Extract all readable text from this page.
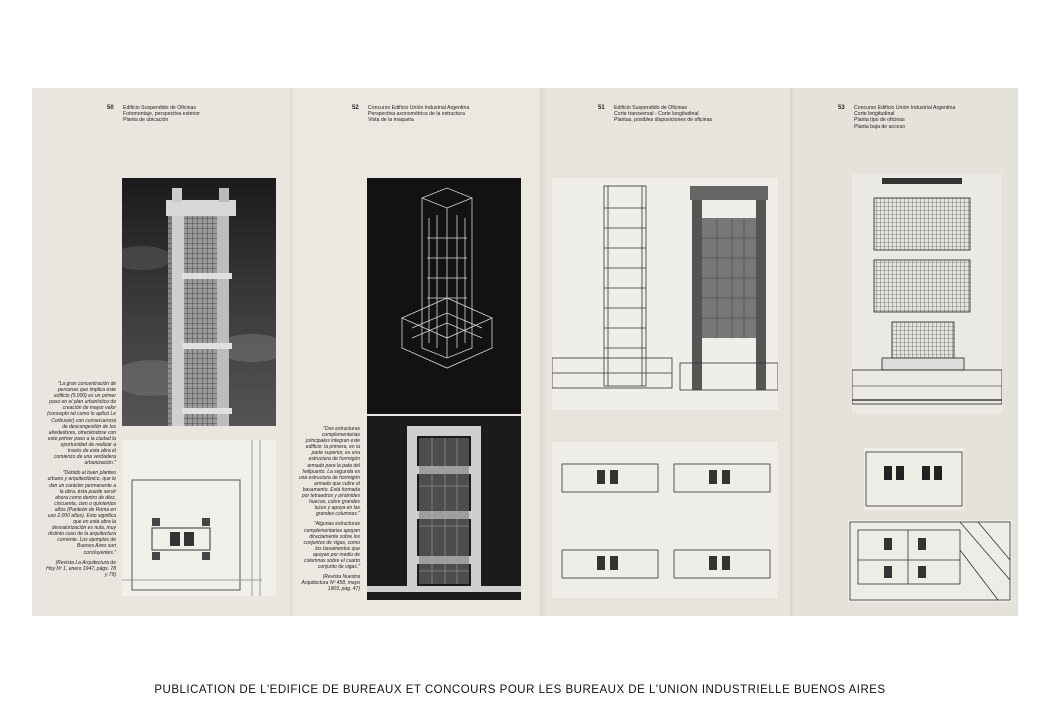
50 Edificio Suspendido de Oficinas
Fotomontaje, perspectiva exterior
Planta de ubicación
52 Concurso Edificio Unión Industrial Argentina
Perspectiva axonométrica de la estructura
Vista de la maqueta
51 Edificio Suspendido de Oficinas
Corte transversal - Corte longitudinal
Plantas, posibles disposiciones de oficinas
53 Concurso Edificio Unión Industrial Argentina
Corte longitudinal
Planta tipo de oficinas
Planta baja de acceso

"La gran concentración de personas que implica este edificio (5.000) es un primer paso en el plan urbanístico de creación de mayor valor (concepto tal como lo aplicó Le Corbusier) con consecuencia de descongestión de los alrededores, ofreciéndose con este primer paso a la ciudad la oportunidad de realizar a través de esta obra el comienzo de una verdadera urbanización."

"Debido al buen planteo urbano y arquitectónico, que le dan un carácter permanente a la obra, ésta puede servir ahora como dentro de diez, cincuenta, cien o quinientos años (Panteón de Roma en uso 2.000 años). Esto significa que en esta obra la desvalorización es nula, muy distinto caso de la arquitectura corriente. Los ejemplos de Buenos Aires son concluyentes."

(Revista La Arquitectura de Hoy Nº 1, enero 1947, págs. 78 y 79)

"Dos estructuras complementarias principales integran este edificio: la primera, en la parte superior, es una estructura de hormigón armado para la pata del helipuerto. La segunda es una estructura de hormigón armado que cubre el basamento. Está formada por tetraedros y pirámides huecas, cubre grandes luces y apoya en las grandes columnas."

"Algunas estructuras complementarias apoyan directamente sobre los conjuntos de vigas, como los basamentos que apoyan por medio de columnas sobre el cuarto conjunto de vigas."

(Revista Nuestra Arquitectura Nº 458, mayo 1969, pág. 47)

PUBLICATION DE L'EDIFICE DE BUREAUX ET CONCOURS POUR LES BUREAUX DE L'UNION INDUSTRIELLE BUENOS AIRES
